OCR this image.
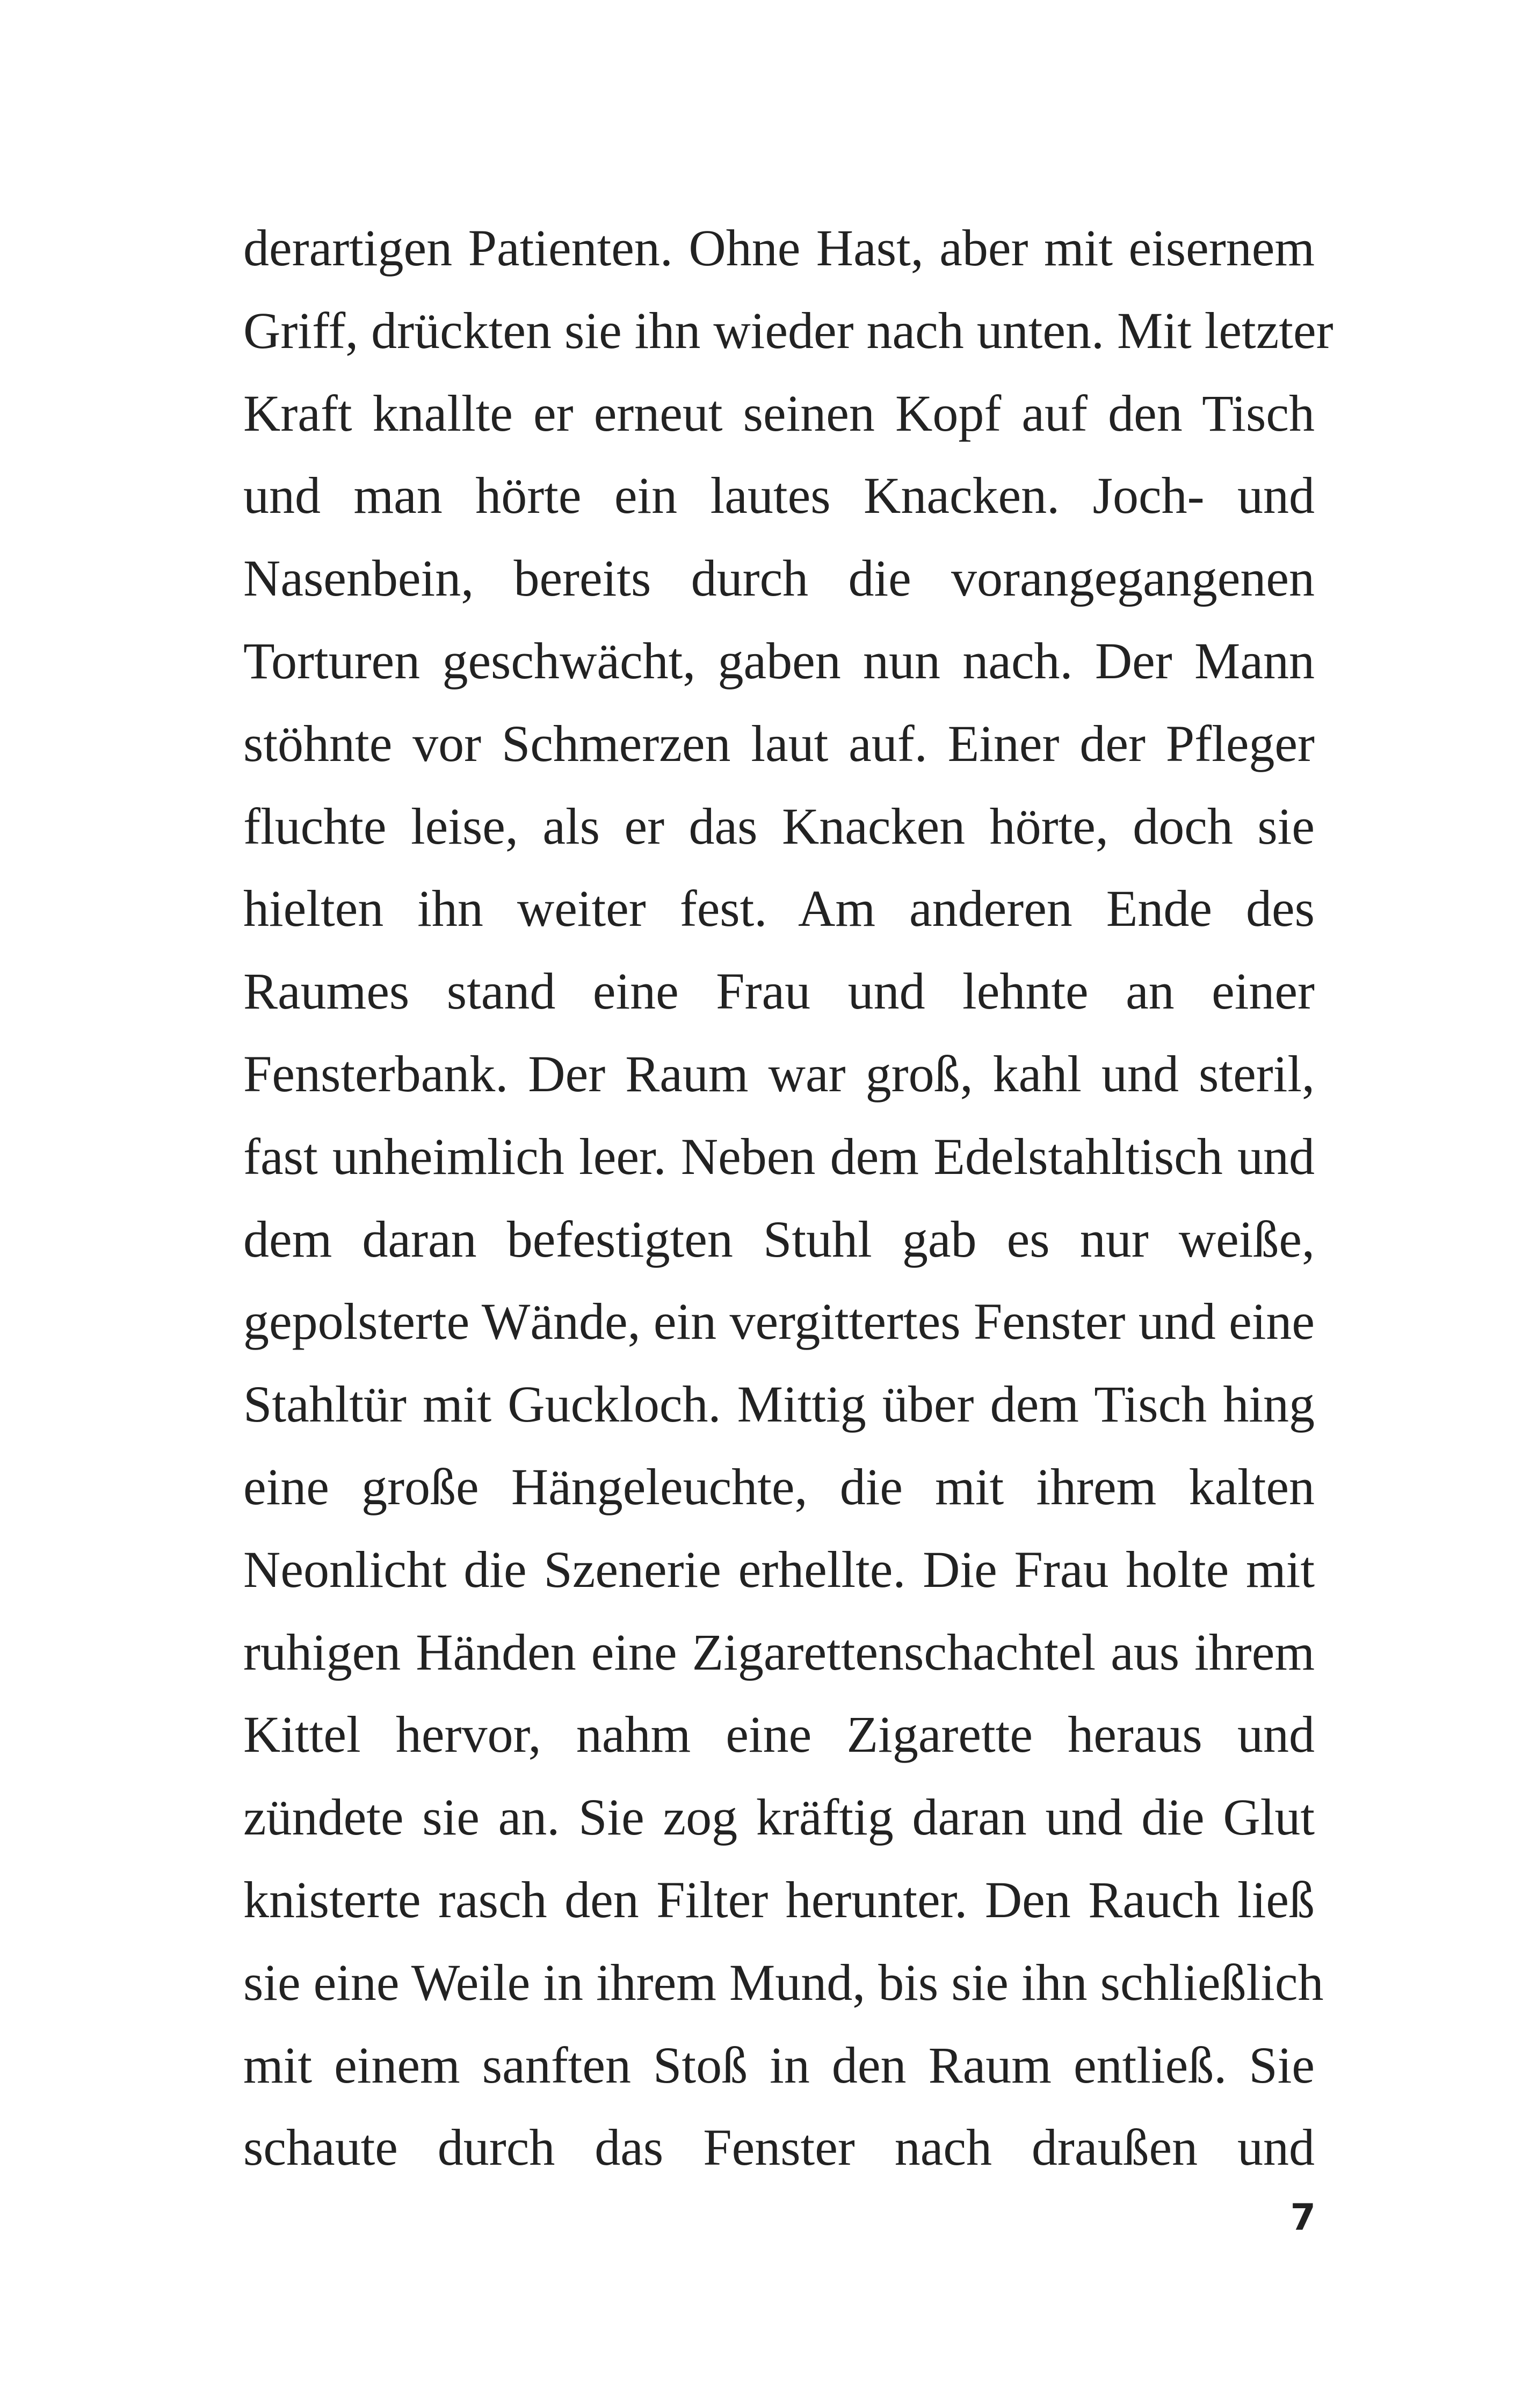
derartigen Patienten. Ohne Hast, aber mit eisernem
Griff, drückten sie ihn wieder nach unten. Mit letzter
Kraft knallte er erneut seinen Kopf auf den Tisch
und man hörte ein lautes Knacken. Joch- und
Nasenbein, bereits durch die vorangegangenen
Torturen geschwächt, gaben nun nach. Der Mann
stöhnte vor Schmerzen laut auf. Einer der Pfleger
fluchte leise, als er das Knacken hörte, doch sie
hielten ihn weiter fest. Am anderen Ende des
Raumes stand eine Frau und lehnte an einer
Fensterbank. Der Raum war groß, kahl und steril,
fast unheimlich leer. Neben dem Edelstahltisch und
dem daran befestigten Stuhl gab es nur weiße,
gepolsterte Wände, ein vergittertes Fenster und eine
Stahltür mit Guckloch. Mittig über dem Tisch hing
eine große Hängeleuchte, die mit ihrem kalten
Neonlicht die Szenerie erhellte. Die Frau holte mit
ruhigen Händen eine Zigarettenschachtel aus ihrem
Kittel hervor, nahm eine Zigarette heraus und
zündete sie an. Sie zog kräftig daran und die Glut
knisterte rasch den Filter herunter. Den Rauch ließ
sie eine Weile in ihrem Mund, bis sie ihn schließlich
mit einem sanften Stoß in den Raum entließ. Sie
schaute durch das Fenster nach draußen und
7
